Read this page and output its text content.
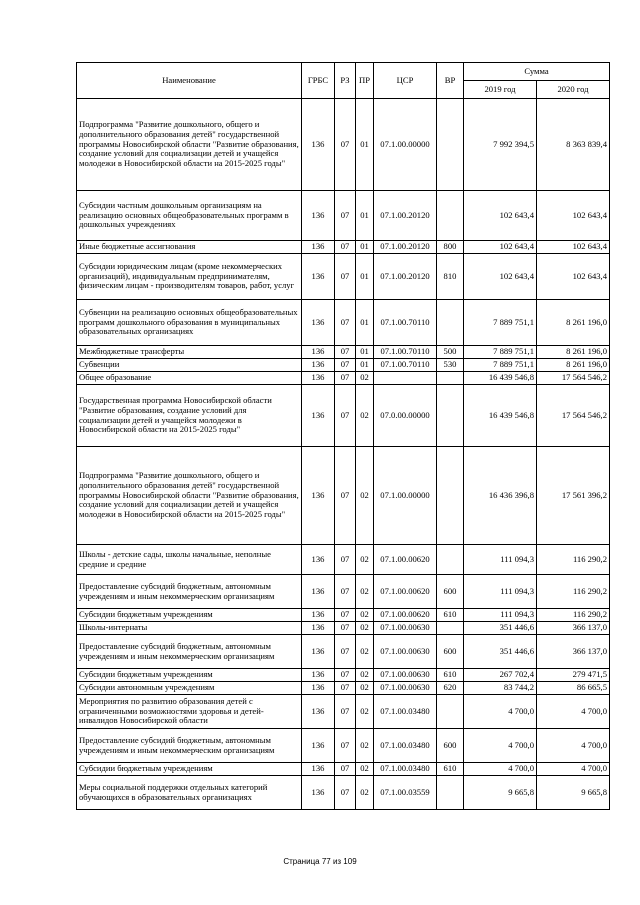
Наименование	ГРБС	РЗ	ПР	ЦСР	ВР	Сумма	
						2019 год	2020 год
Подпрограмма "Развитие дошкольного, общего и дополнительного образования детей" государственной программы Новосибирской области "Развитие образования, создание условий для социализации детей и учащейся молодежи в Новосибирской области на 2015-2025 годы"	136	07	01	07.1.00.00000		7 992 394,5	8 363 839,4
Субсидии частным дошкольным организациям на реализацию основных общеобразовательных программ в дошкольных учреждениях	136	07	01	07.1.00.20120		102 643,4	102 643,4
Иные бюджетные ассигнования	136	07	01	07.1.00.20120	800	102 643,4	102 643,4
Субсидии юридическим лицам (кроме некоммерческих организаций), индивидуальным предпринимателям, физическим лицам - производителям товаров, работ, услуг	136	07	01	07.1.00.20120	810	102 643,4	102 643,4
Субвенции на реализацию основных общеобразовательных программ дошкольного образования в муниципальных образовательных организациях	136	07	01	07.1.00.70110		7 889 751,1	8 261 196,0
Межбюджетные трансферты	136	07	01	07.1.00.70110	500	7 889 751,1	8 261 196,0
Субвенции	136	07	01	07.1.00.70110	530	7 889 751,1	8 261 196,0
Общее образование	136	07	02			16 439 546,8	17 564 546,2
Государственная программа Новосибирской области "Развитие образования, создание условий для социализации детей и учащейся молодежи в Новосибирской области на 2015-2025 годы"	136	07	02	07.0.00.00000		16 439 546,8	17 564 546,2
Подпрограмма "Развитие дошкольного, общего и дополнительного образования детей" государственной программы Новосибирской области "Развитие образования, создание условий для социализации детей и учащейся молодежи в Новосибирской области на 2015-2025 годы"	136	07	02	07.1.00.00000		16 436 396,8	17 561 396,2
Школы - детские сады, школы начальные, неполные средние и средние	136	07	02	07.1.00.00620		111 094,3	116 290,2
Предоставление субсидий бюджетным, автономным учреждениям и иным некоммерческим организациям	136	07	02	07.1.00.00620	600	111 094,3	116 290,2
Субсидии бюджетным учреждениям	136	07	02	07.1.00.00620	610	111 094,3	116 290,2
Школы-интернаты	136	07	02	07.1.00.00630		351 446,6	366 137,0
Предоставление субсидий бюджетным, автономным учреждениям и иным некоммерческим организациям	136	07	02	07.1.00.00630	600	351 446,6	366 137,0
Субсидии бюджетным учреждениям	136	07	02	07.1.00.00630	610	267 702,4	279 471,5
Субсидии автономным учреждениям	136	07	02	07.1.00.00630	620	83 744,2	86 665,5
Мероприятия по развитию образования детей с ограниченными возможностями здоровья и детей-инвалидов Новосибирской области	136	07	02	07.1.00.03480		4 700,0	4 700,0
Предоставление субсидий бюджетным, автономным учреждениям и иным некоммерческим организациям	136	07	02	07.1.00.03480	600	4 700,0	4 700,0
Субсидии бюджетным учреждениям	136	07	02	07.1.00.03480	610	4 700,0	4 700,0
Меры социальной поддержки отдельных категорий обучающихся в образовательных организациях	136	07	02	07.1.00.03559		9 665,8	9 665,8
Страница 77 из 109
